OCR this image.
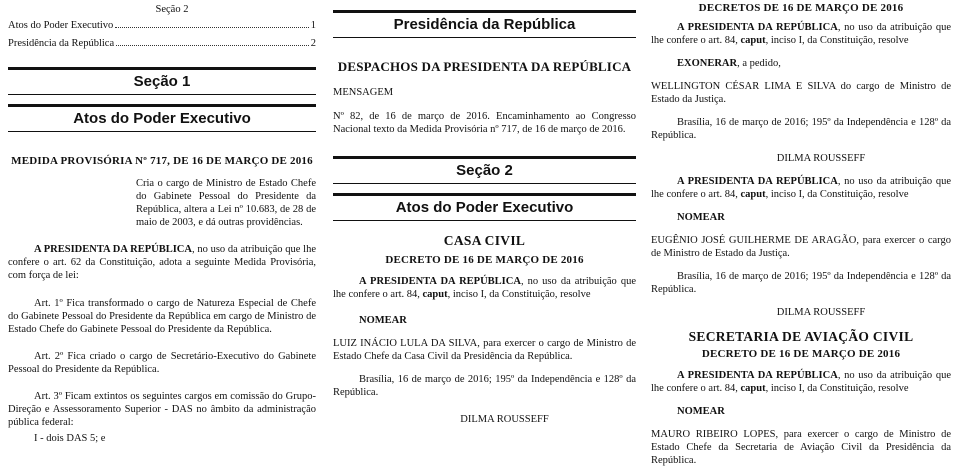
Seção 2

Atos do Poder Executivo	1
Presidência da República	2
Seção 1
Atos do Poder Executivo

MEDIDA PROVISÓRIA Nº 717, DE 16 DE MARÇO DE 2016

Cria o cargo de Ministro de Estado Chefe do Gabinete Pessoal do Presidente da República, altera a Lei nº 10.683, de 28 de maio de 2003, e dá outras providências.

A PRESIDENTA DA REPÚBLICA, no uso da atribuição que lhe confere o art. 62 da Constituição, adota a seguinte Medida Provisória, com força de lei:

Art. 1º Fica transformado o cargo de Natureza Especial de Chefe do Gabinete Pessoal do Presidente da República em cargo de Ministro de Estado Chefe do Gabinete Pessoal do Presidente da República.

Art. 2º Fica criado o cargo de Secretário-Executivo do Gabinete Pessoal do Presidente da República.

Art. 3º Ficam extintos os seguintes cargos em comissão do Grupo-Direção e Assessoramento Superior - DAS no âmbito da administração pública federal:

I - dois DAS 5; e

Presidência da República

DESPACHOS DA PRESIDENTA DA REPÚBLICA

MENSAGEM

Nº 82, de 16 de março de 2016. Encaminhamento ao Congresso Nacional texto da Medida Provisória nº 717, de 16 de março de 2016.

Seção 2
Atos do Poder Executivo

CASA CIVIL

DECRETO DE 16 DE MARÇO DE 2016

A PRESIDENTA DA REPÚBLICA, no uso da atribuição que lhe confere o art. 84, caput, inciso I, da Constituição, resolve

NOMEAR

LUIZ INÁCIO LULA DA SILVA, para exercer o cargo de Ministro de Estado Chefe da Casa Civil da Presidência da República.

Brasília, 16 de março de 2016; 195º da Independência e 128º da República.

DILMA ROUSSEFF

DECRETOS DE 16 DE MARÇO DE 2016

A PRESIDENTA DA REPÚBLICA, no uso da atribuição que lhe confere o art. 84, caput, inciso I, da Constituição, resolve

EXONERAR, a pedido,

WELLINGTON CÉSAR LIMA E SILVA do cargo de Ministro de Estado da Justiça.

Brasília, 16 de março de 2016; 195º da Independência e 128º da República.

DILMA ROUSSEFF

A PRESIDENTA DA REPÚBLICA, no uso da atribuição que lhe confere o art. 84, caput, inciso I, da Constituição, resolve

NOMEAR

EUGÊNIO JOSÉ GUILHERME DE ARAGÃO, para exercer o cargo de Ministro de Estado da Justiça.

Brasília, 16 de março de 2016; 195º da Independência e 128º da República.

DILMA ROUSSEFF

SECRETARIA DE AVIAÇÃO CIVIL

DECRETO DE 16 DE MARÇO DE 2016

A PRESIDENTA DA REPÚBLICA, no uso da atribuição que lhe confere o art. 84, caput, inciso I, da Constituição, resolve

NOMEAR

MAURO RIBEIRO LOPES, para exercer o cargo de Ministro de Estado Chefe da Secretaria de Aviação Civil da Presidência da República.
